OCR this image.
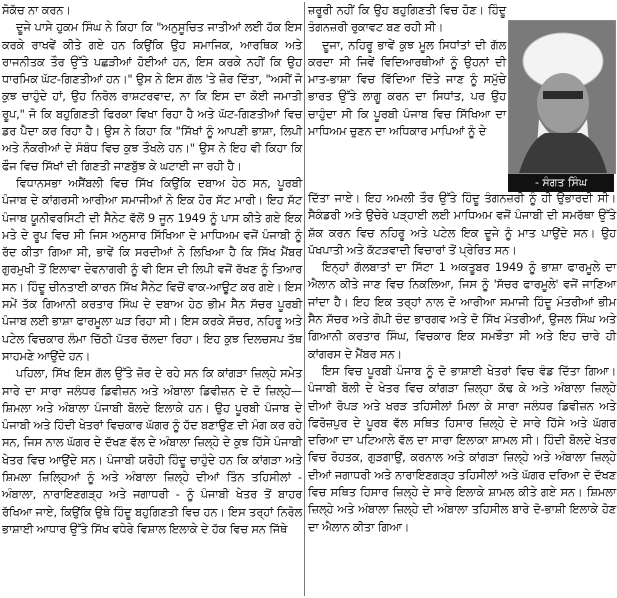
ਸੋਕੱਚ ਨਾ ਕਰਨ।

ਦੂਜੇ ਪਾਸੇ ਹੁਕਮ ਸਿੰਘ ਨੇ ਕਿਹਾ ਕਿ "ਅਨੁਸੂਚਿਤ ਜਾਤੀਆਂ ਲਈ ਹੱਕ ਇਸ ਕਰਕੇ ਰਾਖਵੇਂ ਕੀਤੇ ਗਏ ਹਨ ਕਿਉਂਕਿ ਉਹ ਸਮਾਜਿਕ, ਆਰਥਿਕ ਅਤੇ ਰਾਜਨੀਤਕ ਤੌਰ ਉੱਤੇ ਪਛੜੀਆਂ ਹੋਈਆਂ ਹਨ, ਇਸ ਕਰਕੇ ਨਹੀਂ ਕਿ ਉਹ ਧਾਰਮਿਕ ਘੱਟ-ਗਿਣਤੀਆਂ ਹਨ।" ਉਸ ਨੇ ਇਸ ਗੱਲ 'ਤੇ ਜ਼ੋਰ ਦਿੱਤਾ, "ਅਸੀਂ ਜੋ ਕੁਝ ਚਾਹੁੰਦੇ ਹਾਂ, ਉਹ ਨਿਰੋਲ ਰਾਸ਼ਟਰਵਾਦ, ਨਾ ਕਿ ਇਸ ਦਾ ਕੋਈ ਜਮਾਤੀ ਰੂਪ," ਜੋ ਕਿ ਬਹੁਗਿਣਤੀ ਫਿਰਕਾ ਵਿਖਾ ਰਿਹਾ ਹੈ ਅਤੇ ਘੱਟ-ਗਿਣਤੀਆਂ ਵਿਚ ਡਰ ਪੈਦਾ ਕਰ ਰਿਹਾ ਹੈ। ਉਸ ਨੇ ਕਿਹਾ ਕਿ "ਸਿੱਖਾਂ ਨੂੰ ਆਪਣੀ ਭਾਸ਼ਾ, ਲਿਪੀ ਅਤੇ ਨੌਕਰੀਆਂ ਦੇ ਸੰਬੰਧ ਵਿਚ ਕੁਝ ਤੌਖਲੇ ਹਨ।" ਉਸ ਨੇ ਇਹ ਵੀ ਕਿਹਾ ਕਿ ਫੌਜ ਵਿਚ ਸਿੱਖਾਂ ਦੀ ਗਿਣਤੀ ਜਾਣਬੁੱਝ ਕੇ ਘਟਾਈ ਜਾ ਰਹੀ ਹੈ।

ਵਿਧਾਨਸਭਾ ਅਸੈਂਬਲੀ ਵਿਚ ਸਿੱਖ ਕਿਉਂਕਿ ਦਬਾਅ ਹੇਠ ਸਨ, ਪੂਰਬੀ ਪੰਜਾਬ ਦੇ ਕਾਂਗਰਸੀ ਆਰੀਆ ਸਮਾਜੀਆਂ ਨੇ ਇਕ ਹੋਰ ਸੱਟ ਮਾਰੀ। ਇਹ ਸੱਟ ਪੰਜਾਬ ਯੂਨੀਵਰਸਿਟੀ ਦੀ ਸੈਨੇਟ ਵੱਲੋਂ 9 ਜੂਨ 1949 ਨੂੰ ਪਾਸ ਕੀਤੇ ਗਏ ਇਕ ਮਤੇ ਦੇ ਰੂਪ ਵਿਚ ਸੀ ਜਿਸ ਅਨੁਸਾਰ ਸਿੱਖਿਆ ਦੇ ਮਾਧਿਅਮ ਵਜੋਂ ਪੰਜਾਬੀ ਨੂੰ ਰੱਦ ਕੀਤਾ ਗਿਆ ਸੀ, ਭਾਵੇਂ ਕਿ ਸਰਦੀਆਂ ਨੇ ਲਿਖਿਆ ਹੈ ਕਿ ਸਿੱਖ ਮੈਂਬਰ ਗੁਰਮੁਖੀ ਤੋਂ ਇਲਾਵਾ ਦੇਵਨਾਗਰੀ ਨੂੰ ਵੀ ਇਸ ਦੀ ਲਿਪੀ ਵਜੋਂ ਰੱਖਣ ਨੂੰ ਤਿਆਰ ਸਨ। ਹਿੰਦੂ ਚੀਨਤਾਈ ਕਾਰਨ ਸਿੱਖ ਸੈਨੇਟ ਵਿਚੋਂ ਵਾਕ-ਆਊਟ ਕਰ ਗਏ। ਇਸ ਸਮੇਂ ਤੱਕ ਗਿਆਨੀ ਕਰਤਾਰ ਸਿੰਘ ਦੇ ਦਬਾਅ ਹੇਠ ਭੀਮ ਸੈਨ ਸੱਚਰ ਪੂਰਬੀ ਪੰਜਾਬ ਲਈ ਭਾਸ਼ਾ ਫਾਰਮੂਲਾ ਘੜ ਰਿਹਾ ਸੀ। ਇਸ ਕਰਕੇ ਸੱਚਰ, ਨਹਿਰੂ ਅਤੇ ਪਟੇਲ ਵਿਚਕਾਰ ਲੰਮਾ ਚਿੱਠੀ ਪੱਤਰ ਚੱਲਦਾ ਰਿਹਾ। ਇਹ ਕੁਝ ਦਿਲਚਸਪ ਤੱਥ ਸਾਹਮਣੇ ਆਉਂਦੇ ਹਨ।

ਪਹਿਲਾ, ਸਿੱਖ ਇਸ ਗੱਲ ਉੱਤੇ ਜ਼ੋਰ ਦੇ ਰਹੇ ਸਨ ਕਿ ਕਾਂਗੜਾ ਜ਼ਿਲ੍ਹੇ ਸਮੇਤ ਸਾਰੇ ਦਾ ਸਾਰਾ ਜਲੰਧਰ ਡਿਵੀਜ਼ਨ ਅਤੇ ਅੰਬਾਲਾ ਡਿਵੀਜ਼ਨ ਦੇ ਦੋ ਜ਼ਿਲ੍ਹੇ—ਸ਼ਿਮਲਾ ਅਤੇ ਅੰਬਾਲਾ ਪੰਜਾਬੀ ਬੋਲਦੇ ਇਲਾਕੇ ਹਨ। ਉਹ ਪੂਰਬੀ ਪੰਜਾਬ ਦੇ ਪੰਜਾਬੀ ਅਤੇ ਹਿੰਦੀ ਖੇਤਰਾਂ ਵਿਚਕਾਰ ਘੱਗਰ ਨੂੰ ਹੱਦ ਬਣਾਉਣ ਦੀ ਮੰਗ ਕਰ ਰਹੇ ਸਨ, ਜਿਸ ਨਾਲ ਘੱਗਰ ਦੇ ਦੱਖਣ ਵੱਲ ਦੇ ਅੰਬਾਲਾ ਜ਼ਿਲ੍ਹੇ ਦੇ ਕੁਝ ਹਿੱਸੇ ਪੰਜਾਬੀ ਖੇਤਰ ਵਿਚ ਆਉਂਦੇ ਸਨ। ਪੰਜਾਬੀ ਯਰੋਹੀ ਹਿੰਦੂ ਚਾਹੁੰਦੇ ਹਨ ਕਿ ਕਾਂਗੜਾ ਅਤੇ ਸ਼ਿਮਲਾ ਜ਼ਿਲ੍ਹਿਆਂ ਨੂੰ ਅਤੇ ਅੰਬਾਲਾ ਜ਼ਿਲ੍ਹੇ ਦੀਆਂ ਤਿੰਨ ਤਹਿਸੀਲਾਂ - ਅੰਬਾਲਾ, ਨਾਰਾਇਣਗੜ੍ਹ ਅਤੇ ਜਗਾਧਰੀ - ਨੂੰ ਪੰਜਾਬੀ ਖੇਤਰ ਤੋਂ ਬਾਹਰ ਰੱਖਿਆ ਜਾਏ, ਕਿਉਂਕਿ ਉਥੇ ਹਿੰਦੂ ਬਹੁਗਿਣਤੀ ਵਿਚ ਹਨ। ਇਸ ਤਰ੍ਹਾਂ ਨਿਰੋਲ ਭਾਸ਼ਾਈ ਆਧਾਰ ਉੱਤੇ ਸਿੱਖ ਵਧੇਰੇ ਵਿਸ਼ਾਲ ਇਲਾਕੇ ਦੇ ਹੱਕ ਵਿਚ ਸਨ ਜਿੱਥੇ

ਜ਼ਰੂਰੀ ਨਹੀਂ ਕਿ ਉਹ ਬਹੁਗਿਣਤੀ ਵਿਚ ਹੋਣ। ਹਿੰਦੂ ਤੰਗਨਜ਼ਰੀ ਰੁਕਾਵਟ ਬਣ ਰਹੀ ਸੀ।

ਦੂਜਾ, ਨਹਿਰੂ ਭਾਵੇਂ ਕੁਝ ਮੂਲ ਸਿਧਾਂਤਾਂ ਦੀ ਗੱਲ ਕਰਦਾ ਸੀ ਜਿਵੇਂ ਵਿਦਿਆਰਥੀਆਂ ਨੂੰ ਉਹਨਾਂ ਦੀ ਮਾਤ-ਭਾਸ਼ਾ ਵਿਚ ਵਿੱਦਿਆ ਦਿੱਤੇ ਜਾਣ ਨੂੰ ਸਮੁੱਚੇ ਭਾਰਤ ਉੱਤੇ ਲਾਗੂ ਕਰਨ ਦਾ ਸਿਧਾਂਤ, ਪਰ ਉਹ ਚਾਹੁੰਦਾ ਸੀ ਕਿ ਪੂਰਬੀ ਪੰਜਾਬ ਵਿਚ ਸਿੱਖਿਆ ਦਾ ਮਾਧਿਅਮ ਚੁਣਨ ਦਾ ਅਧਿਕਾਰ ਮਾਪਿਆਂ ਨੂੰ ਦੇ

- ਸੰਗਤ ਸਿੰਘ

ਦਿੱਤਾ ਜਾਏ। ਇਹ ਅਮਲੀ ਤੌਰ ਉੱਤੇ ਹਿੰਦੂ ਤੰਗਨਜ਼ਰੀ ਨੂੰ ਹੀ ਉਭਾਰਦੀ ਸੀ। ਸੈਕੰਡਰੀ ਅਤੇ ਉਚੇਰੇ ਪੜ੍ਹਾਈ ਲਈ ਮਾਧਿਅਮ ਵਜੋਂ ਪੰਜਾਬੀ ਦੀ ਸਮਰੱਥਾ ਉੱਤੇ ਸ਼ੱਕ ਕਰਨ ਵਿਚ ਨਹਿਰੂ ਅਤੇ ਪਟੇਲ ਇਕ ਦੂਜੇ ਨੂੰ ਮਾਤ ਪਾਉਂਦੇ ਸਨ। ਉਹ ਪੱਖਪਾਤੀ ਅਤੇ ਕੱਟੜਵਾਦੀ ਵਿਚਾਰਾਂ ਤੋਂ ਪ੍ਰੇਰਿਤ ਸਨ।

ਇਨ੍ਹਾਂ ਗੱਲਬਾਤਾਂ ਦਾ ਸਿੱਟਾ 1 ਅਕਤੂਬਰ 1949 ਨੂੰ ਭਾਸ਼ਾ ਫਾਰਮੂਲੇ ਦਾ ਐਲਾਨ ਕੀਤੇ ਜਾਣ ਵਿਚ ਨਿਕਲਿਆ, ਜਿਸ ਨੂੰ 'ਸੱਚਰ ਫਾਰਮੂਲੇ' ਵਜੋਂ ਜਾਣਿਆ ਜਾਂਦਾ ਹੈ। ਇਹ ਇਕ ਤਰ੍ਹਾਂ ਨਾਲ ਦੋ ਆਰੀਆ ਸਮਾਜੀ ਹਿੰਦੂ ਮੰਤਰੀਆਂ ਭੀਮ ਸੈਨ ਸੱਚਰ ਅਤੇ ਗੋਪੀ ਚੰਦ ਭਾਰਗਵ ਅਤੇ ਦੋ ਸਿੱਖ ਮੰਤਰੀਆਂ, ਉਜਲ ਸਿੰਘ ਅਤੇ ਗਿਆਨੀ ਕਰਤਾਰ ਸਿੰਘ, ਵਿਚਕਾਰ ਇਕ ਸਮਝੌਤਾ ਸੀ ਅਤੇ ਇਹ ਚਾਰੇ ਹੀ ਕਾਂਗਰਸ ਦੇ ਮੈਂਬਰ ਸਨ।

ਇਸ ਵਿਚ ਪੂਰਬੀ ਪੰਜਾਬ ਨੂੰ ਦੋ ਭਾਸ਼ਾਈ ਖੇਤਰਾਂ ਵਿਚ ਵੰਡ ਦਿੱਤਾ ਗਿਆ। ਪੰਜਾਬੀ ਬੋਲੀ ਦੇ ਖੇਤਰ ਵਿਚ ਕਾਂਗੜਾ ਜ਼ਿਲ੍ਹਾ ਕੱਢ ਕੇ ਅਤੇ ਅੰਬਾਲਾ ਜ਼ਿਲ੍ਹੇ ਦੀਆਂ ਰੋਪੜ ਅਤੇ ਖਰੜ ਤਹਿਸੀਲਾਂ ਮਿਲਾ ਕੇ ਸਾਰਾ ਜਲੰਧਰ ਡਿਵੀਜ਼ਨ ਅਤੇ ਫਿਰੋਜ਼ਪੁਰ ਦੇ ਪੂਰਬ ਵੱਲ ਸਥਿਤ ਹਿਸਾਰ ਜ਼ਿਲ੍ਹੇ ਦੇ ਸਾਰੇ ਹਿੱਸੇ ਅਤੇ ਘੱਗਰ ਦਰਿਆ ਦਾ ਪਟਿਆਲੇ ਵੱਲ ਦਾ ਸਾਰਾ ਇਲਾਕਾ ਸ਼ਾਮਲ ਸੀ। ਹਿੰਦੀ ਬੋਲਦੇ ਖੇਤਰ ਵਿਚ ਰੋਹਤਕ, ਗੁੜਗਾਉਂ, ਕਰਨਾਲ ਅਤੇ ਕਾਂਗੜਾ ਜ਼ਿਲ੍ਹੇ ਅਤੇ ਅੰਬਾਲਾ ਜ਼ਿਲ੍ਹੇ ਦੀਆਂ ਜਗਾਧਰੀ ਅਤੇ ਨਾਰਾਇਣਗੜ੍ਹ ਤਹਿਸੀਲਾਂ ਅਤੇ ਘੱਗਰ ਦਰਿਆ ਦੇ ਦੱਖਣ ਵਿਚ ਸਥਿਤ ਹਿਸਾਰ ਜ਼ਿਲ੍ਹੇ ਦੇ ਸਾਰੇ ਇਲਾਕੇ ਸ਼ਾਮਲ ਕੀਤੇ ਗਏ ਸਨ। ਸ਼ਿਮਲਾ ਜ਼ਿਲ੍ਹੇ ਅਤੇ ਅੰਬਾਲਾ ਜ਼ਿਲ੍ਹੇ ਦੀ ਅੰਬਾਲਾ ਤਹਿਸੀਲ ਬਾਰੇ ਦੋ-ਭਾਸ਼ੀ ਇਲਾਕੇ ਹੋਣ ਦਾ ਐਲਾਨ ਕੀਤਾ ਗਿਆ।
